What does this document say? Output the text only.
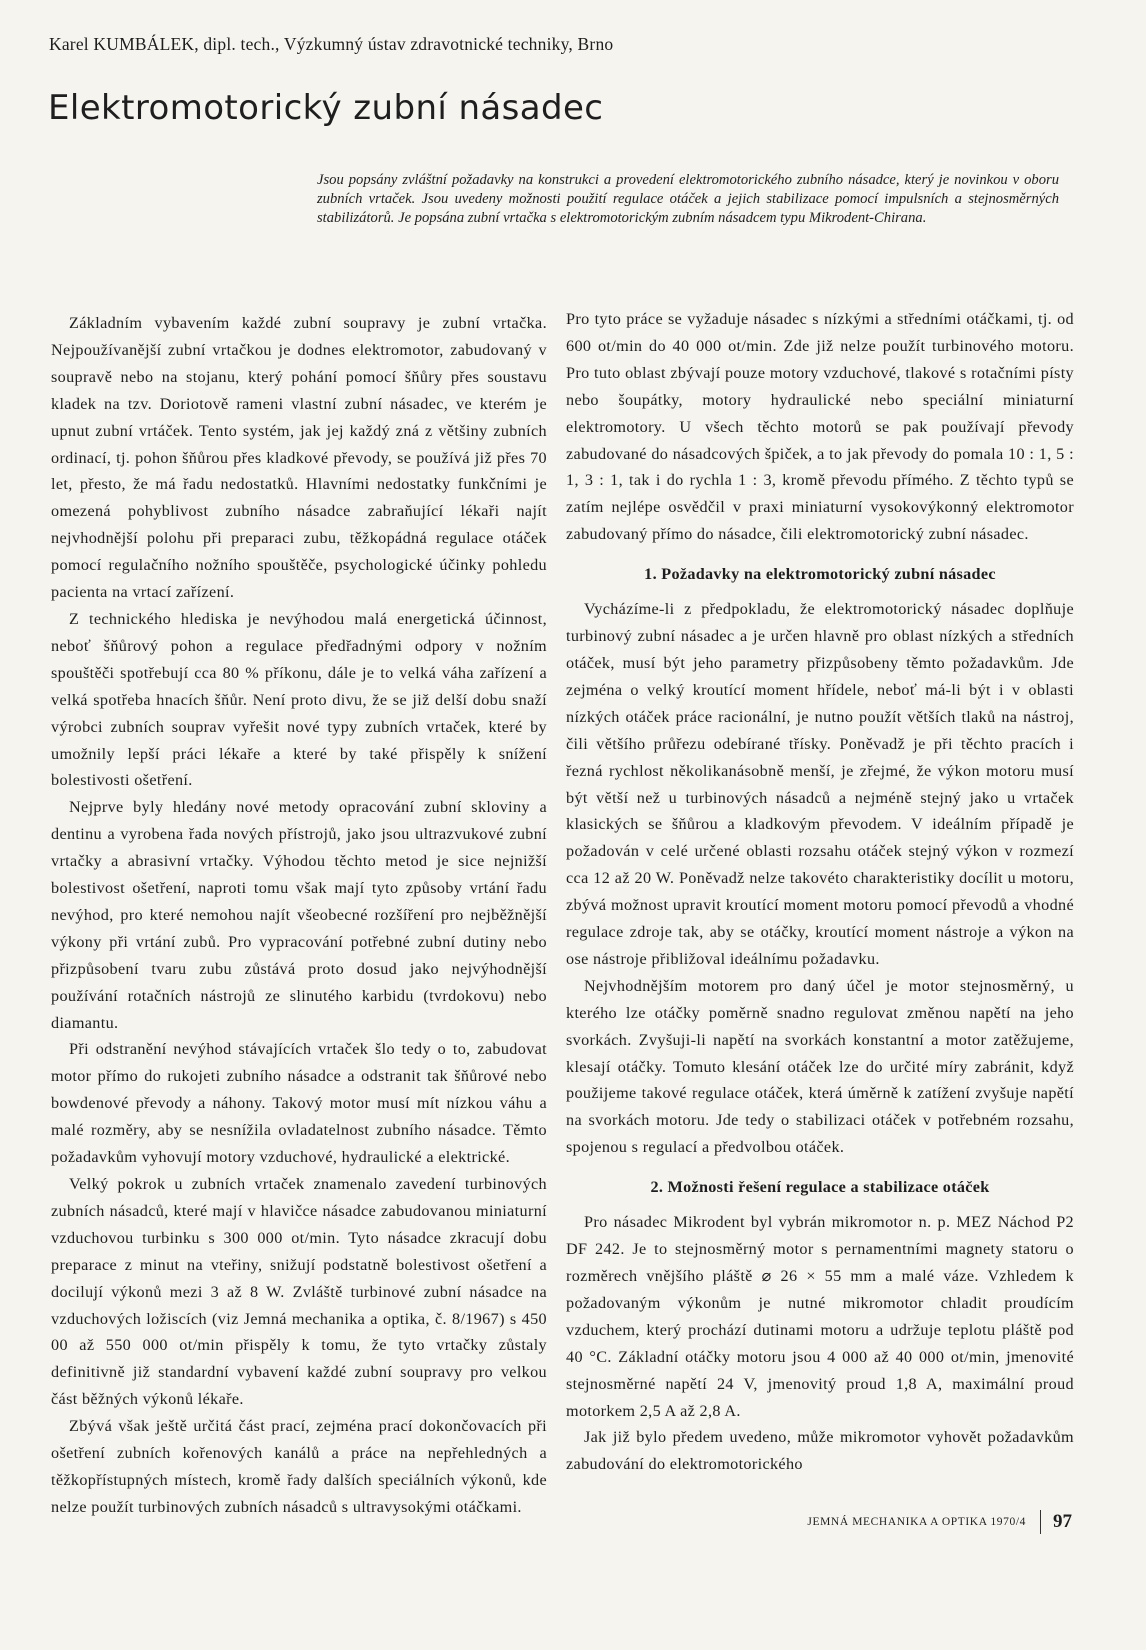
Karel KUMBÁLEK, dipl. tech., Výzkumný ústav zdravotnické techniky, Brno
Elektromotorický zubní násadec
Jsou popsány zvláštní požadavky na konstrukci a provedení elektromotorického zubního násadce, který je novinkou v oboru zubních vrtaček. Jsou uvedeny možnosti použití regulace otáček a jejich stabilizace pomocí impulsních a stejnosměrných stabilizátorů. Je popsána zubní vrtačka s elektromotorickým zubním násadcem typu Mikrodent-Chirana.

Základním vybavením každé zubní soupravy je zubní vrtačka. Nejpoužívanější zubní vrtačkou je dodnes elektromotor, zabudovaný v soupravě nebo na stojanu, který pohání pomocí šňůry přes soustavu kladek na tzv. Doriotově rameni vlastní zubní násadec, ve kterém je upnut zubní vrtáček. Tento systém, jak jej každý zná z většiny zubních ordinací, tj. pohon šňůrou přes kladkové převody, se používá již přes 70 let, přesto, že má řadu nedostatků. Hlavními nedostatky funkčními je omezená pohyblivost zubního násadce zabraňující lékaři najít nejvhodnější polohu při preparaci zubu, těžkopádná regulace otáček pomocí regulačního nožního spouštěče, psychologické účinky pohledu pacienta na vrtací zařízení.

Z technického hlediska je nevýhodou malá energetická účinnost, neboť šňůrový pohon a regulace předřadnými odpory v nožním spouštěči spotřebují cca 80 % příkonu, dále je to velká váha zařízení a velká spotřeba hnacích šňůr. Není proto divu, že se již delší dobu snaží výrobci zubních souprav vyřešit nové typy zubních vrtaček, které by umožnily lepší práci lékaře a které by také přispěly k snížení bolestivosti ošetření.

Nejprve byly hledány nové metody opracování zubní skloviny a dentinu a vyrobena řada nových přístrojů, jako jsou ultrazvukové zubní vrtačky a abrasivní vrtačky. Výhodou těchto metod je sice nejnižší bolestivost ošetření, naproti tomu však mají tyto způsoby vrtání řadu nevýhod, pro které nemohou najít všeobecné rozšíření pro nejběžnější výkony při vrtání zubů. Pro vypracování potřebné zubní dutiny nebo přizpůsobení tvaru zubu zůstává proto dosud jako nejvýhodnější používání rotačních nástrojů ze slinutého karbidu (tvrdokovu) nebo diamantu.

Při odstranění nevýhod stávajících vrtaček šlo tedy o to, zabudovat motor přímo do rukojeti zubního násadce a odstranit tak šňůrové nebo bowdenové převody a náhony. Takový motor musí mít nízkou váhu a malé rozměry, aby se nesnížila ovladatelnost zubního násadce. Těmto požadavkům vyhovují motory vzduchové, hydraulické a elektrické.

Velký pokrok u zubních vrtaček znamenalo zavedení turbinových zubních násadců, které mají v hlavičce násadce zabudovanou miniaturní vzduchovou turbinku s 300 000 ot/min. Tyto násadce zkracují dobu preparace z minut na vteřiny, snižují podstatně bolestivost ošetření a docilují výkonů mezi 3 až 8 W. Zvláště turbinové zubní násadce na vzduchových ložiscích (viz Jemná mechanika a optika, č. 8/1967) s 450 00 až 550 000 ot/min přispěly k tomu, že tyto vrtačky zůstaly definitivně již standardní vybavení každé zubní soupravy pro velkou část běžných výkonů lékaře.

Zbývá však ještě určitá část prací, zejména prací dokončovacích při ošetření zubních kořenových kanálů a práce na nepřehledných a těžkopřístupných místech, kromě řady dalších speciálních výkonů, kde nelze použít turbinových zubních násadců s ultravysokými otáčkami.

Pro tyto práce se vyžaduje násadec s nízkými a středními otáčkami, tj. od 600 ot/min do 40 000 ot/min. Zde již nelze použít turbinového motoru. Pro tuto oblast zbývají pouze motory vzduchové, tlakové s rotačními písty nebo šoupátky, motory hydraulické nebo speciální miniaturní elektromotory. U všech těchto motorů se pak používají převody zabudované do násadcových špiček, a to jak převody do pomala 10 : 1, 5 : 1, 3 : 1, tak i do rychla 1 : 3, kromě převodu přímého. Z těchto typů se zatím nejlépe osvědčil v praxi miniaturní vysokovýkonný elektromotor zabudovaný přímo do násadce, čili elektromotorický zubní násadec.

1. Požadavky na elektromotorický zubní násadec

Vycházíme-li z předpokladu, že elektromotorický násadec doplňuje turbinový zubní násadec a je určen hlavně pro oblast nízkých a středních otáček, musí být jeho parametry přizpůsobeny těmto požadavkům. Jde zejména o velký kroutící moment hřídele, neboť má-li být i v oblasti nízkých otáček práce racionální, je nutno použít větších tlaků na nástroj, čili většího průřezu odebírané třísky. Poněvadž je při těchto pracích i řezná rychlost několikanásobně menší, je zřejmé, že výkon motoru musí být větší než u turbinových násadců a nejméně stejný jako u vrtaček klasických se šňůrou a kladkovým převodem. V ideálním případě je požadován v celé určené oblasti rozsahu otáček stejný výkon v rozmezí cca 12 až 20 W. Poněvadž nelze takovéto charakteristiky docílit u motoru, zbývá možnost upravit kroutící moment motoru pomocí převodů a vhodné regulace zdroje tak, aby se otáčky, kroutící moment nástroje a výkon na ose nástroje přibližoval ideálnímu požadavku.

Nejvhodnějším motorem pro daný účel je motor stejnosměrný, u kterého lze otáčky poměrně snadno regulovat změnou napětí na jeho svorkách. Zvyšuji-li napětí na svorkách konstantní a motor zatěžujeme, klesají otáčky. Tomuto klesání otáček lze do určité míry zabránit, když použijeme takové regulace otáček, která úměrně k zatížení zvyšuje napětí na svorkách motoru. Jde tedy o stabilizaci otáček v potřebném rozsahu, spojenou s regulací a předvolbou otáček.

2. Možnosti řešení regulace a stabilizace otáček

Pro násadec Mikrodent byl vybrán mikromotor n. p. MEZ Náchod P2 DF 242. Je to stejnosměrný motor s pernamentními magnety statoru o rozměrech vnějšího pláště ⌀ 26 × 55 mm a malé váze. Vzhledem k požadovaným výkonům je nutné mikromotor chladit proudícím vzduchem, který prochází dutinami motoru a udržuje teplotu pláště pod 40 °C. Základní otáčky motoru jsou 4 000 až 40 000 ot/min, jmenovité stejnosměrné napětí 24 V, jmenovitý proud 1,8 A, maximální proud motorkem 2,5 A až 2,8 A.

Jak již bylo předem uvedeno, může mikromotor vyhovět požadavkům zabudování do elektromotorického

JEMNÁ MECHANIKA A OPTIKA 1970/4 97
